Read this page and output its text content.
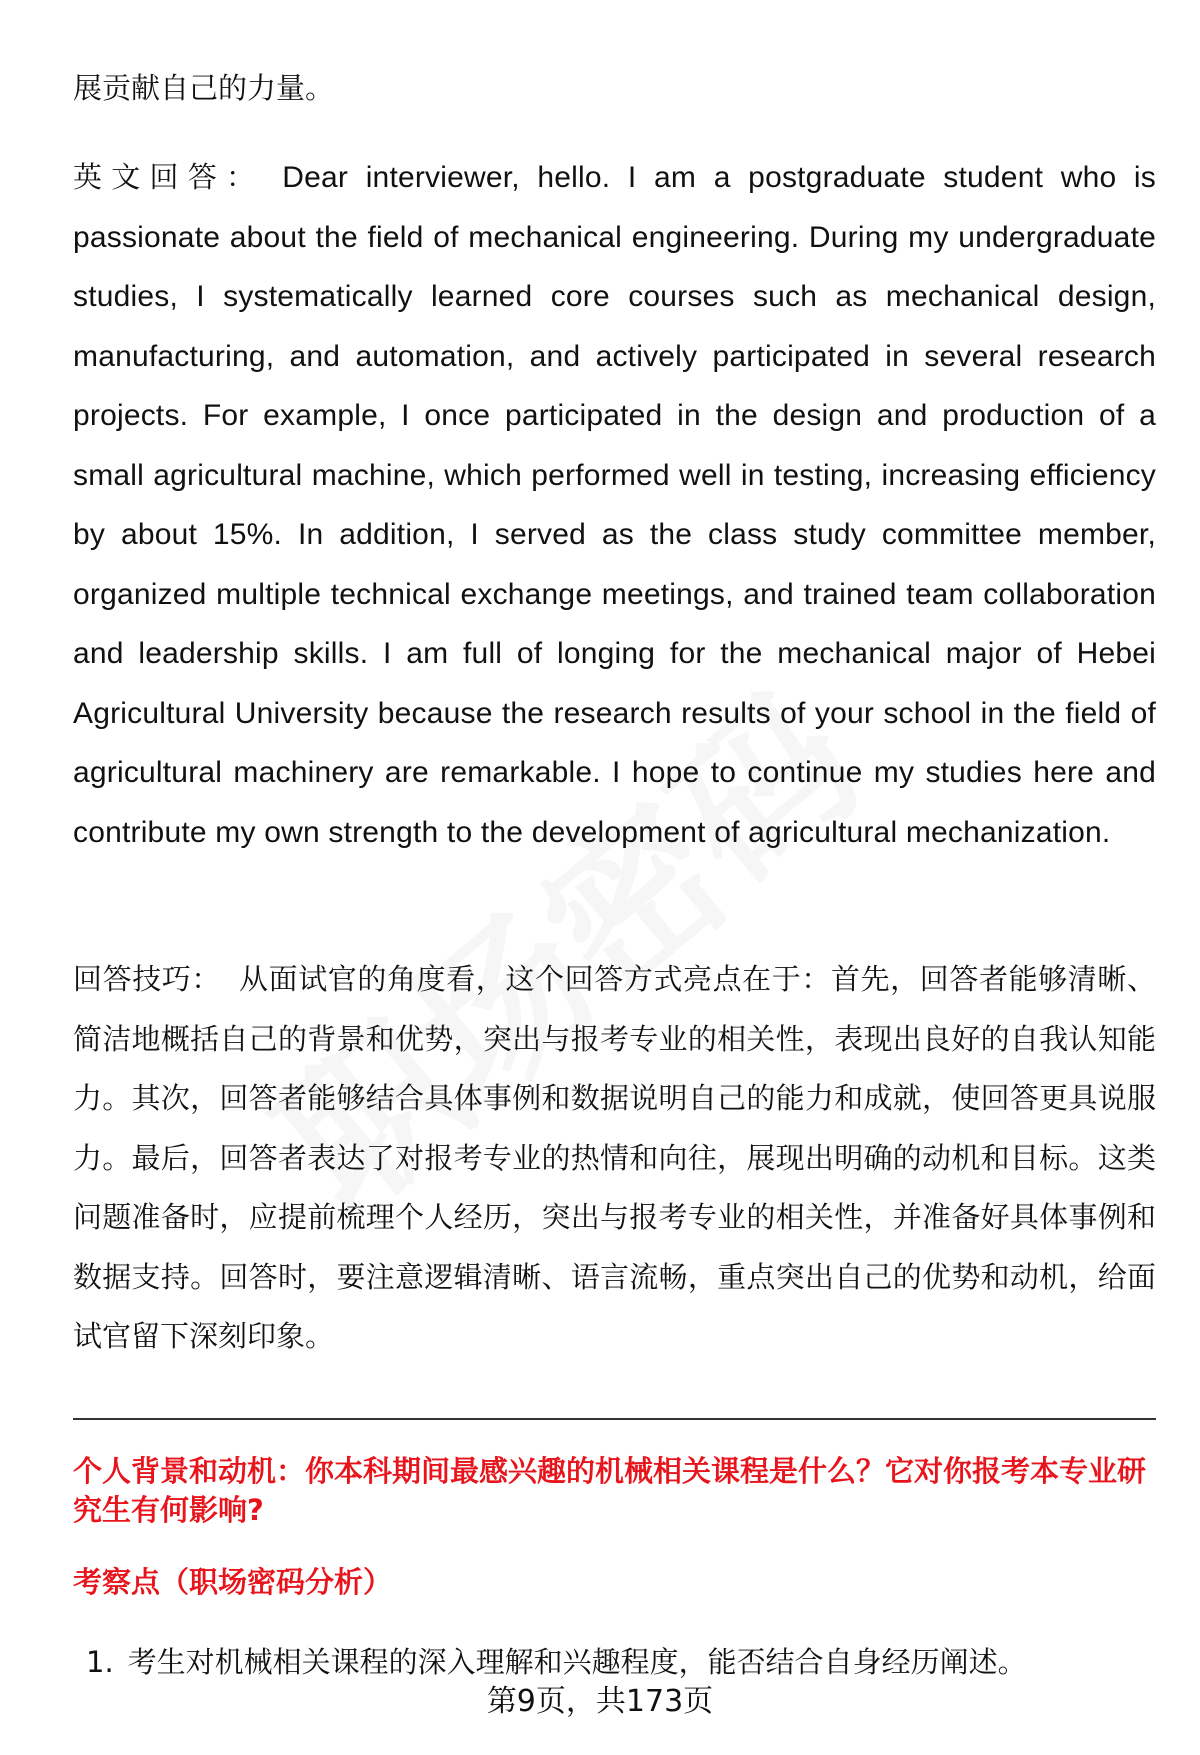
展贡献自己的力量。

英文回答： Dear interviewer, hello. I am a postgraduate student who is passionate about the field of mechanical engineering. During my undergraduate studies, I systematically learned core courses such as mechanical design, manufacturing, and automation, and actively participated in several research projects. For example, I once participated in the design and production of a small agricultural machine, which performed well in testing, increasing efficiency by about 15%. In addition, I served as the class study committee member, organized multiple technical exchange meetings, and trained team collaboration and leadership skills. I am full of longing for the mechanical major of Hebei Agricultural University because the research results of your school in the field of agricultural machinery are remarkable. I hope to continue my studies here and contribute my own strength to the development of agricultural mechanization.

回答技巧： 从面试官的角度看，这个回答方式亮点在于：首先，回答者能够清晰、简洁地概括自己的背景和优势，突出与报考专业的相关性，表现出良好的自我认知能力。其次，回答者能够结合具体事例和数据说明自己的能力和成就，使回答更具说服力。最后，回答者表达了对报考专业的热情和向往，展现出明确的动机和目标。这类问题准备时，应提前梳理个人经历，突出与报考专业的相关性，并准备好具体事例和数据支持。回答时，要注意逻辑清晰、语言流畅，重点突出自己的优势和动机，给面试官留下深刻印象。

个人背景和动机：你本科期间最感兴趣的机械相关课程是什么？它对你报考本专业研究生有何影响?

考察点（职场密码分析）

1. 考生对机械相关课程的深入理解和兴趣程度，能否结合自身经历阐述。

第9页，共173页
